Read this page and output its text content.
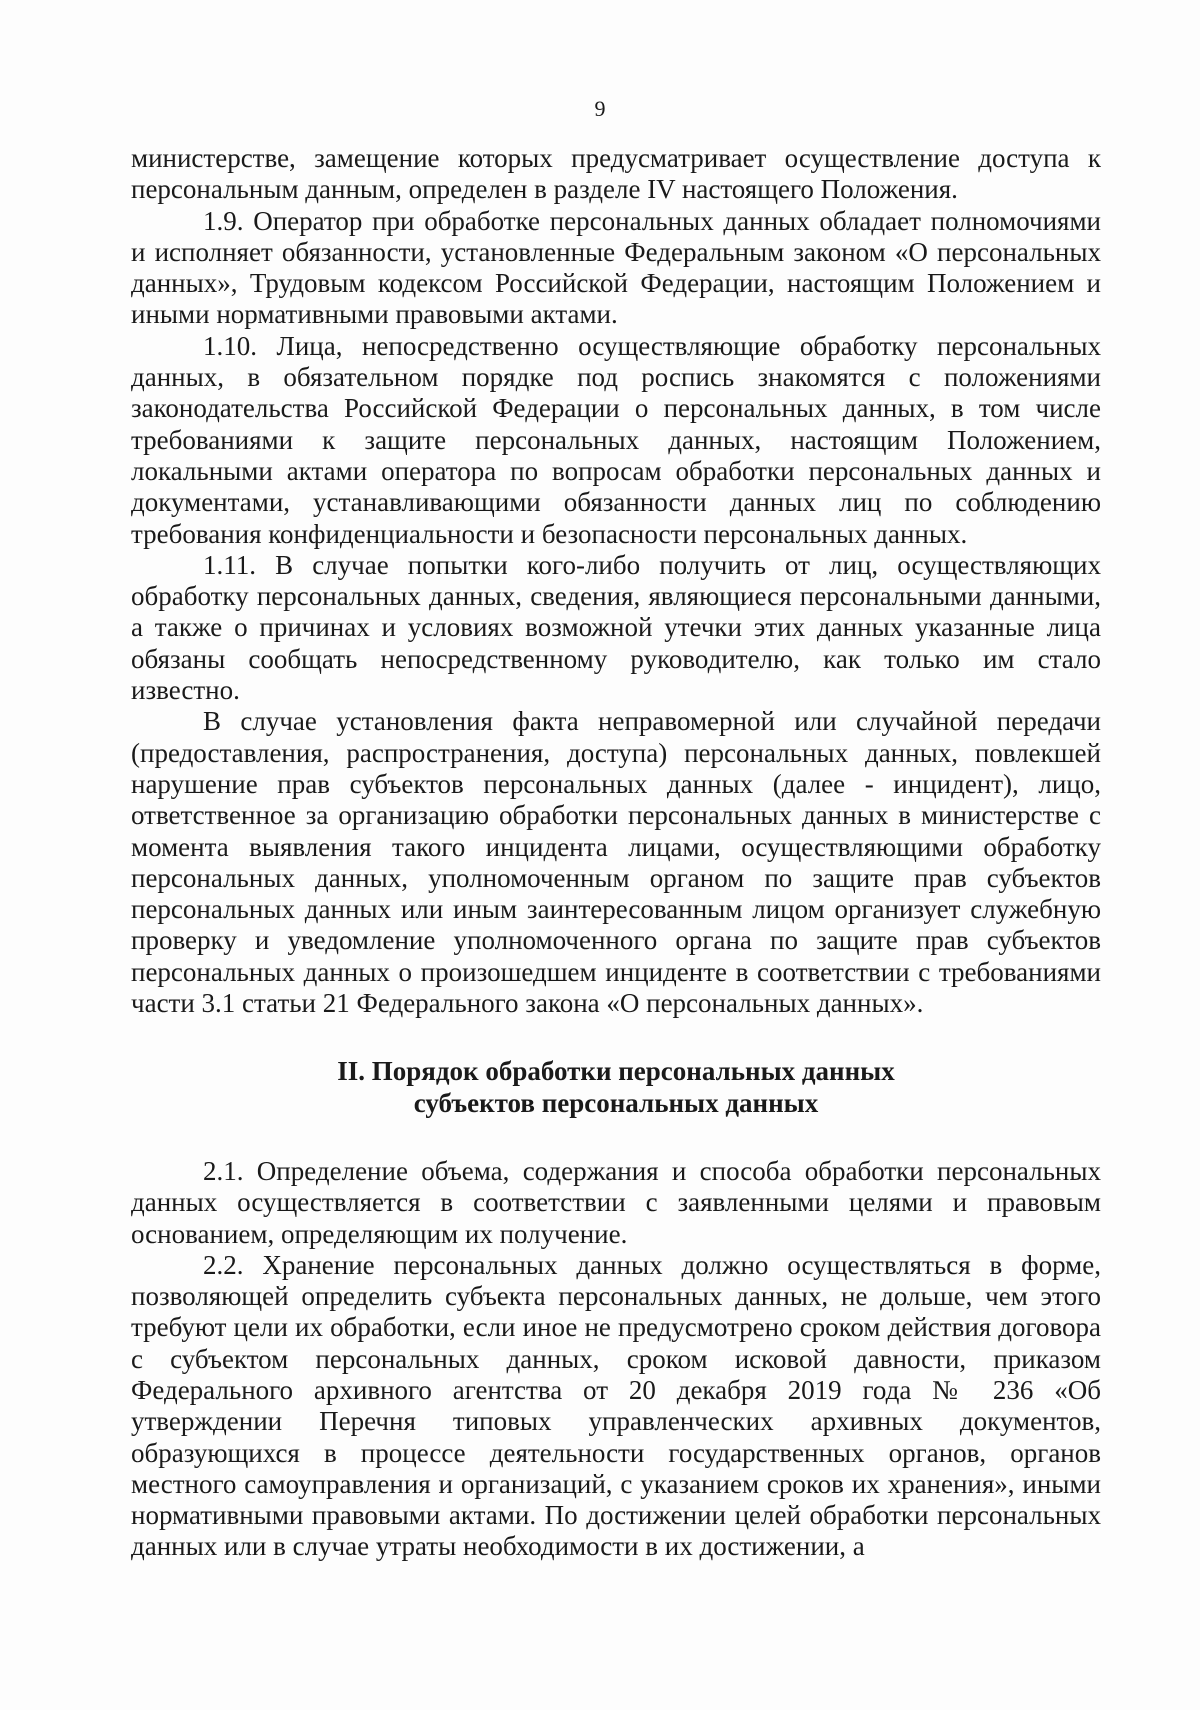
9

министерстве, замещение которых предусматривает осуществление доступа к персональным данным, определен в разделе IV настоящего Положения.

1.9. Оператор при обработке персональных данных обладает полномочиями и исполняет обязанности, установленные Федеральным законом «О персональных данных», Трудовым кодексом Российской Федерации, настоящим Положением и иными нормативными правовыми актами.

1.10. Лица, непосредственно осуществляющие обработку персональных данных, в обязательном порядке под роспись знакомятся с положениями законодательства Российской Федерации о персональных данных, в том числе требованиями к защите персональных данных, настоящим Положением, локальными актами оператора по вопросам обработки персональных данных и документами, устанавливающими обязанности данных лиц по соблюдению требования конфиденциальности и безопасности персональных данных.

1.11. В случае попытки кого-либо получить от лиц, осуществляющих обработку персональных данных, сведения, являющиеся персональными данными, а также о причинах и условиях возможной утечки этих данных указанные лица обязаны сообщать непосредственному руководителю, как только им стало известно.

В случае установления факта неправомерной или случайной передачи (предоставления, распространения, доступа) персональных данных, повлекшей нарушение прав субъектов персональных данных (далее - инцидент), лицо, ответственное за организацию обработки персональных данных в министерстве с момента выявления такого инцидента лицами, осуществляющими обработку персональных данных, уполномоченным органом по защите прав субъектов персональных данных или иным заинтересованным лицом организует служебную проверку и уведомление уполномоченного органа по защите прав субъектов персональных данных о произошедшем инциденте в соответствии с требованиями части 3.1 статьи 21 Федерального закона «О персональных данных».

II. Порядок обработки персональных данных
субъектов персональных данных

2.1. Определение объема, содержания и способа обработки персональных данных осуществляется в соответствии с заявленными целями и правовым основанием, определяющим их получение.

2.2. Хранение персональных данных должно осуществляться в форме, позволяющей определить субъекта персональных данных, не дольше, чем этого требуют цели их обработки, если иное не предусмотрено сроком действия договора с субъектом персональных данных, сроком исковой давности, приказом Федерального архивного агентства от 20 декабря 2019 года № 236 «Об утверждении Перечня типовых управленческих архивных документов, образующихся в процессе деятельности государственных органов, органов местного самоуправления и организаций, с указанием сроков их хранения», иными нормативными правовыми актами. По достижении целей обработки персональных данных или в случае утраты необходимости в их достижении, а
